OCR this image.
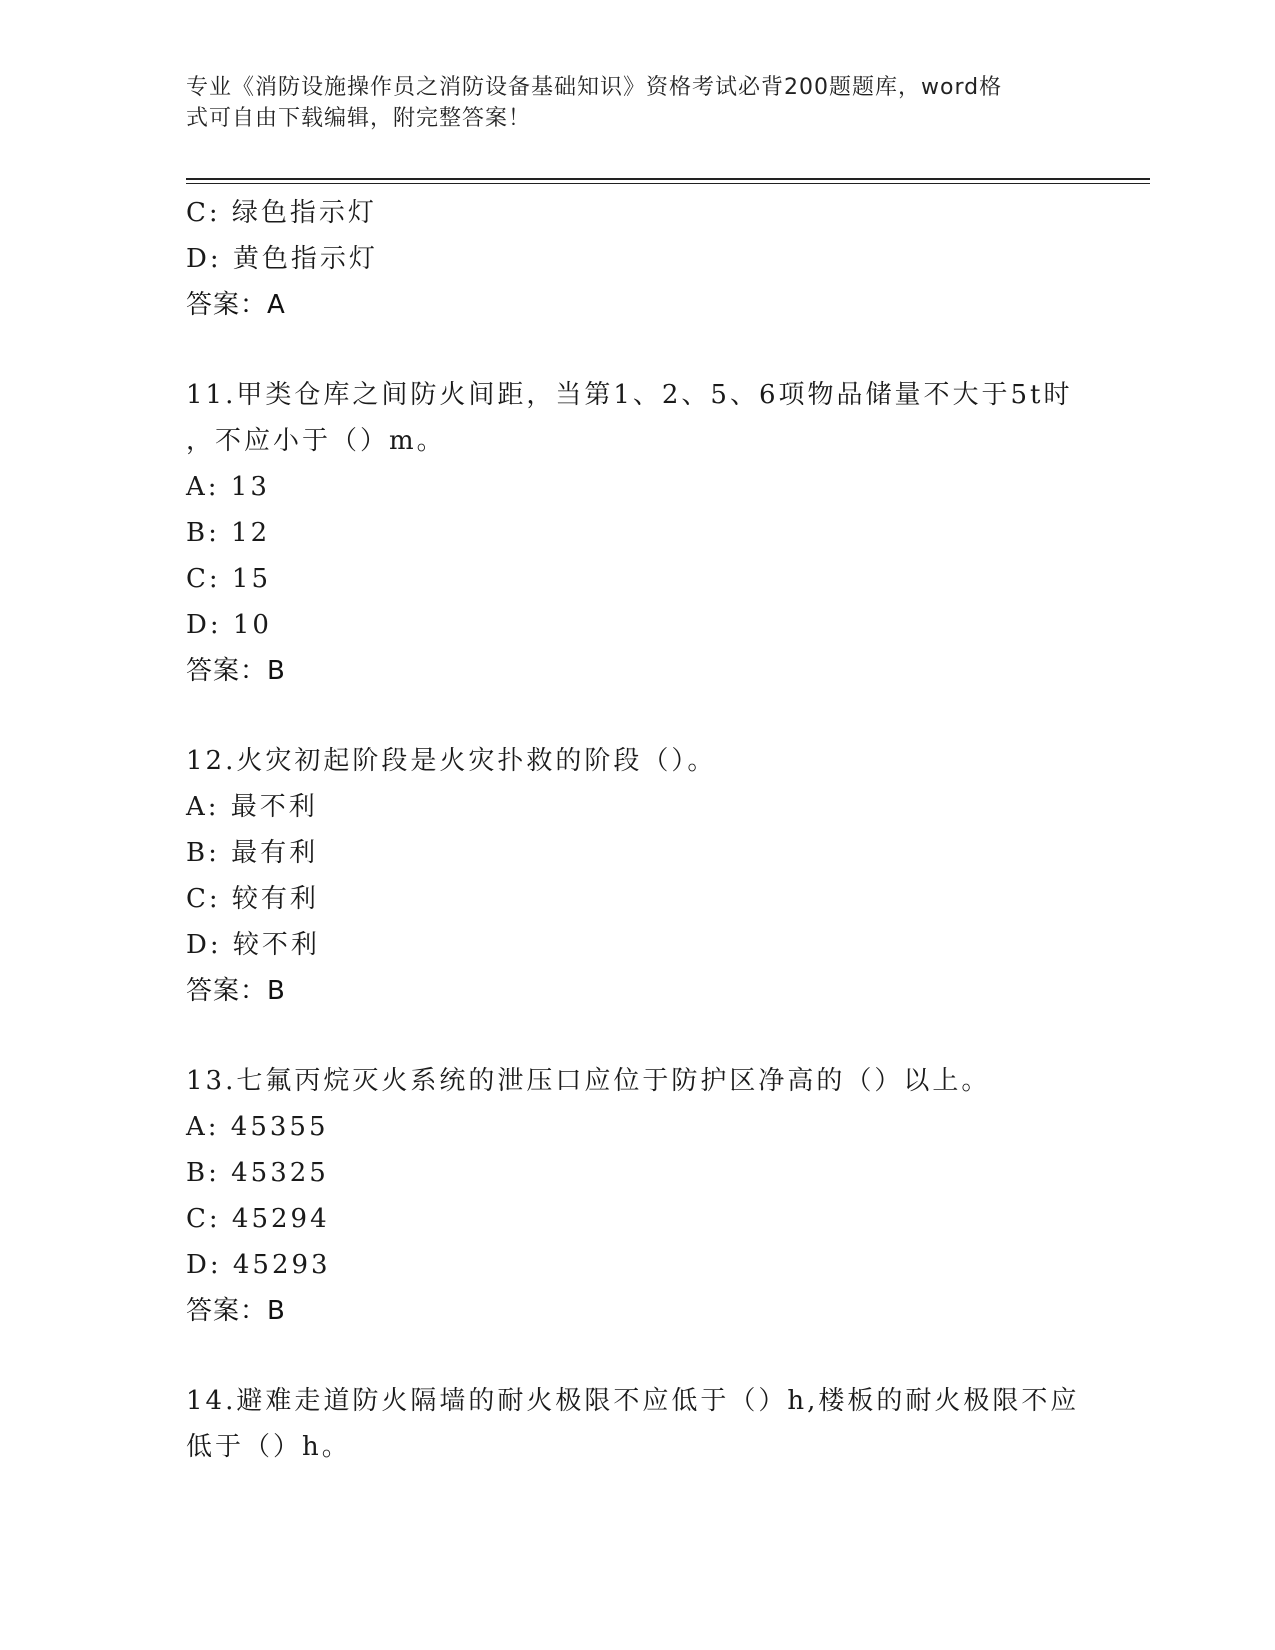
专业《消防设施操作员之消防设备基础知识》资格考试必背200题题库，word格
式可自由下载编辑，附完整答案！
C: 绿色指示灯
D: 黄色指示灯
答案：A
11.甲类仓库之间防火间距，当第1、2、5、6项物品储量不大于5t时
，不应小于（）m。
A: 13
B: 12
C: 15
D: 10
答案：B
12.火灾初起阶段是火灾扑救的阶段（）。
A: 最不利
B: 最有利
C: 较有利
D: 较不利
答案：B
13.七氟丙烷灭火系统的泄压口应位于防护区净高的（）以上。
A: 45355
B: 45325
C: 45294
D: 45293
答案：B
14.避难走道防火隔墙的耐火极限不应低于（）h,楼板的耐火极限不应
低于（）h。
